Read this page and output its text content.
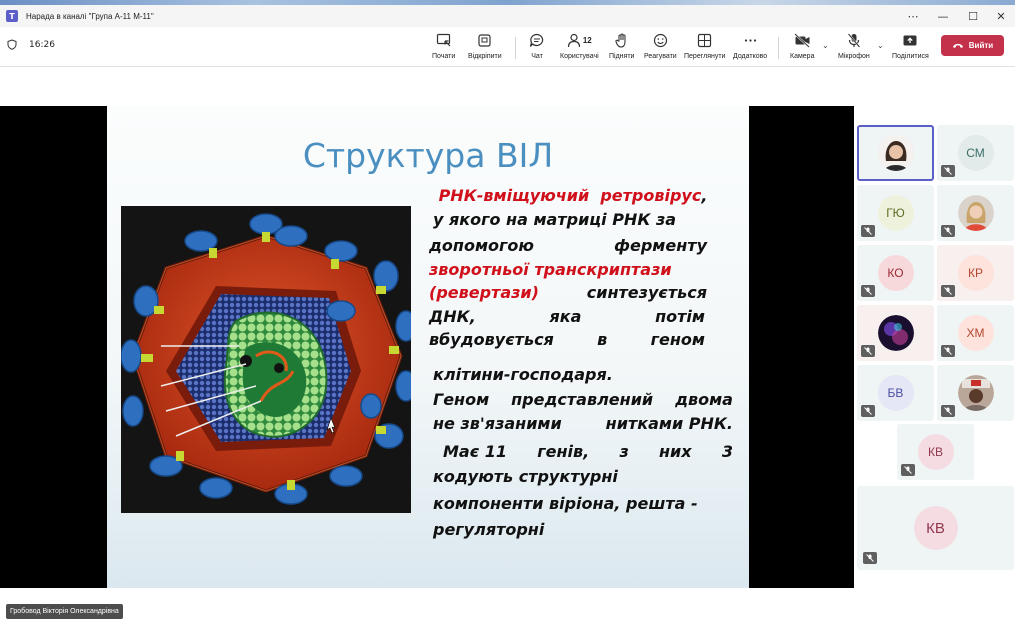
T Нарада в каналі "Група А-11 М-11"	⋯	—	☐	✕
16:26
Почати Відкріпити	Чат
12
Користувачі Підняти Реагувати Переглянути Додатково	Камера
⌄
Мікрофон
⌄
Поділитися
Вийти
Структура ВІЛ
РНК-вміщуючий ретровірус,
у якого на матриці РНК за
допомогою	ферменту
зворотньої транскриптази
(ревертази)	синтезується
ДНК,	яка	потім
вбудовується	в	геном
клітини-господаря.
Геном представлений двома
не зв'язаними	нитками РНК.
Має 11 генів, з них 3
кодують структурні
компоненти віріона, решта -
регуляторні
СМ
ГЮ
КО	КР
ХМ
БВ
КВ
КВ
Гробовод Вікторія Олександрівна
